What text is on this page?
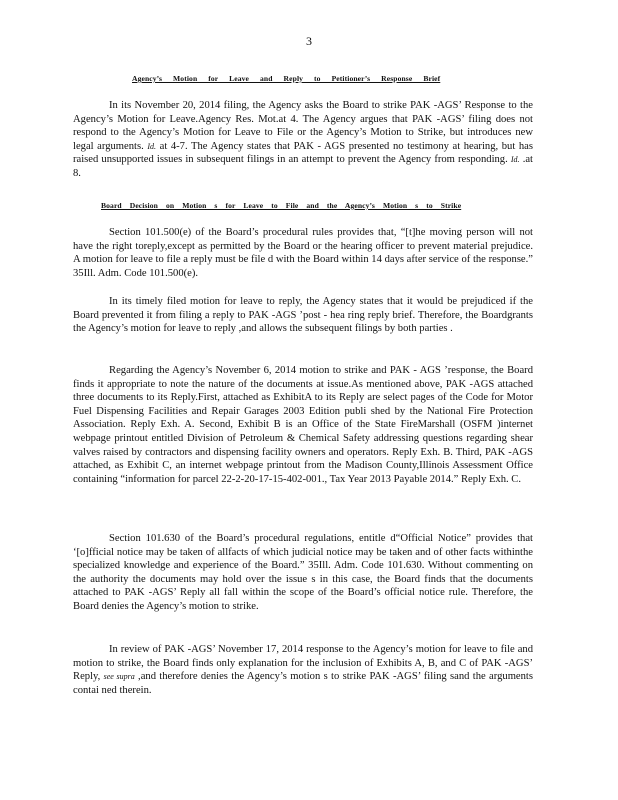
3
Agency’s Motion for Leave and Reply to Petitioner’s Response Brief

In its November 20, 2014 filing, the Agency asks the Board to strike PAK -AGS’ Response to the Agency’s Motion for Leave.Agency Res. Mot.at 4. The Agency argues that PAK -AGS’ filing does not respond to the Agency’s Motion for Leave to File or the Agency’s Motion to Strike, but introduces new legal arguments. Id. at 4-7. The Agency states that PAK - AGS presented no testimony at hearing, but has raised unsupported issues in subsequent filings in an attempt to prevent the Agency from responding. Id. .at 8.

Board Decision on Motion s for Leave to File and the Agency’s Motion s to Strike

Section 101.500(e) of the Board’s procedural rules provides that, “[t]he moving person will not have the right toreply,except as permitted by the Board or the hearing officer to prevent material prejudice. A motion for leave to file a reply must be file d with the Board within 14 days after service of the response.” 35Ill. Adm. Code 101.500(e).

In its timely filed motion for leave to reply, the Agency states that it would be prejudiced if the Board prevented it from filing a reply to PAK -AGS ’post - hea ring reply brief. Therefore, the Boardgrants the Agency’s motion for leave to reply ,and allows the subsequent filings by both parties .

Regarding the Agency’s November 6, 2014 motion to strike and PAK - AGS ’response, the Board finds it appropriate to note the nature of the documents at issue.As mentioned above, PAK -AGS attached three documents to its Reply.First, attached as ExhibitA to its Reply are select pages of the Code for Motor Fuel Dispensing Facilities and Repair Garages 2003 Edition publi shed by the National Fire Protection Association. Reply Exh. A. Second, Exhibit B is an Office of the State FireMarshall (OSFM )internet webpage printout entitled Division of Petroleum & Chemical Safety addressing questions regarding shear valves raised by contractors and dispensing facility owners and operators. Reply Exh. B. Third, PAK -AGS attached, as Exhibit C, an internet webpage printout from the Madison County,Illinois Assessment Office containing “information for parcel 22-2-20-17-15-402-001., Tax Year 2013 Payable 2014.” Reply Exh. C.

Section 101.630 of the Board’s procedural regulations, entitle d“Official Notice” provides that ‘[o]fficial notice may be taken of allfacts of which judicial notice may be taken and of other facts withinthe specialized knowledge and experience of the Board.” 35Ill. Adm. Code 101.630. Without commenting on the authority the documents may hold over the issue s in this case, the Board finds that the documents attached to PAK -AGS’ Reply all fall within the scope of the Board’s official notice rule. Therefore, the Board denies the Agency’s motion to strike.

In review of PAK -AGS’ November 17, 2014 response to the Agency’s motion for leave to file and motion to strike, the Board finds only explanation for the inclusion of Exhibits A, B, and C of PAK -AGS’ Reply, see supra ,and therefore denies the Agency’s motion s to strike PAK -AGS’ filing sand the arguments contai ned therein.
